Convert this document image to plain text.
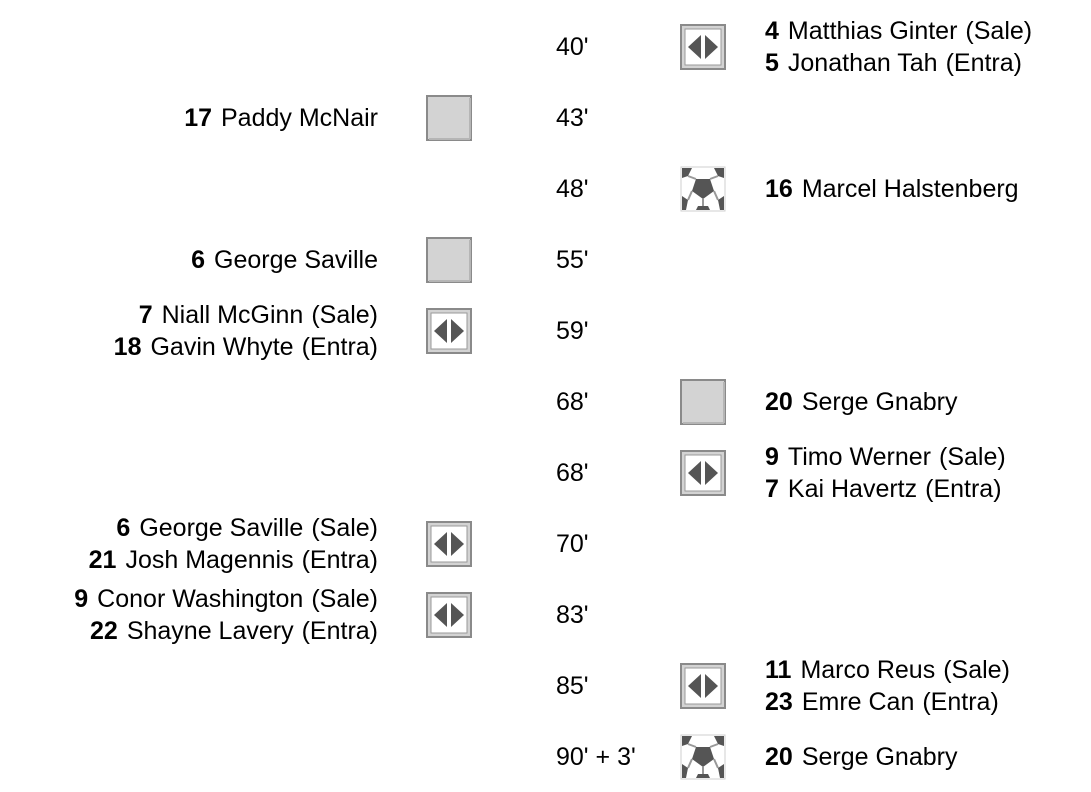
4 Matthias Ginter (Sale)
5 Jonathan Tah (Entra)
40'
17 Paddy McNair	43'
16 Marcel Halstenberg
48'
6 George Saville	55'
7 Niall McGinn (Sale)
18 Gavin Whyte (Entra)
59'
20 Serge Gnabry
68'
9 Timo Werner (Sale)
7 Kai Havertz (Entra)
68'
6 George Saville (Sale)
21 Josh Magennis (Entra)
70'
9 Conor Washington (Sale)
22 Shayne Lavery (Entra)
83'
11 Marco Reus (Sale)
23 Emre Can (Entra)
85'
20 Serge Gnabry
90' + 3'
